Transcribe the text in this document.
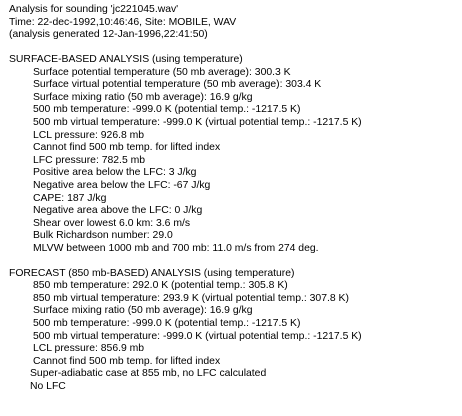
Analysis for sounding 'jc221045.wav'
Time: 22-dec-1992,10:46:46, Site: MOBILE, WAV
(analysis generated 12-Jan-1996,22:41:50)
SURFACE-BASED ANALYSIS (using temperature)
Surface potential temperature (50 mb average): 300.3 K
Surface virtual potential temperature (50 mb average): 303.4 K
Surface mixing ratio (50 mb average): 16.9 g/kg
500 mb temperature: -999.0 K (potential temp.: -1217.5 K)
500 mb virtual temperature: -999.0 K (virtual potential temp.: -1217.5 K)
LCL pressure: 926.8 mb
Cannot find 500 mb temp. for lifted index
LFC pressure: 782.5 mb
Positive area below the LFC: 3 J/kg
Negative area below the LFC: -67 J/kg
CAPE: 187 J/kg
Negative area above the LFC: 0 J/kg
Shear over lowest 6.0 km: 3.6 m/s
Bulk Richardson number: 29.0
MLVW between 1000 mb and 700 mb: 11.0 m/s from 274 deg.
FORECAST (850 mb-BASED) ANALYSIS (using temperature)
850 mb temperature: 292.0 K (potential temp.: 305.8 K)
850 mb virtual temperature: 293.9 K (virtual potential temp.: 307.8 K)
Surface mixing ratio (50 mb average): 16.9 g/kg
500 mb temperature: -999.0 K (potential temp.: -1217.5 K)
500 mb virtual temperature: -999.0 K (virtual potential temp.: -1217.5 K)
LCL pressure: 856.9 mb
Cannot find 500 mb temp. for lifted index
Super-adiabatic case at 855 mb, no LFC calculated
No LFC
